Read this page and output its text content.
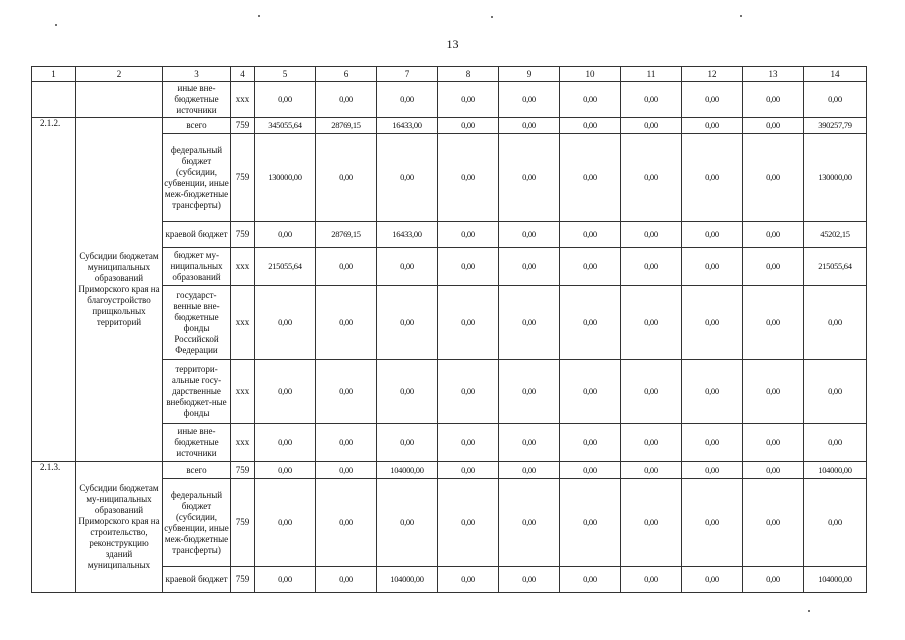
13
1	2	3	4	5	6	7	8	9	10	11	12	13	14
		иные вне-бюджетные источники	xxx	0,00	0,00	0,00	0,00	0,00	0,00	0,00	0,00	0,00	0,00
2.1.2.	Субсидии бюджетам муниципальных образований Приморского края на благоустройство прищкольных территорий	всего	759	345055,64	28769,15	16433,00	0,00	0,00	0,00	0,00	0,00	0,00	390257,79
		федеральный бюджет (субсидии, субвенции, иные меж-бюджетные трансферты)	759	130000,00	0,00	0,00	0,00	0,00	0,00	0,00	0,00	0,00	130000,00
		краевой бюджет	759	0,00	28769,15	16433,00	0,00	0,00	0,00	0,00	0,00	0,00	45202,15
		бюджет му-ниципальных образований	xxx	215055,64	0,00	0,00	0,00	0,00	0,00	0,00	0,00	0,00	215055,64
		государст-венные вне-бюджетные фонды Российской Федерации	xxx	0,00	0,00	0,00	0,00	0,00	0,00	0,00	0,00	0,00	0,00
		территори-альные госу-дарственные внебюджет-ные фонды	xxx	0,00	0,00	0,00	0,00	0,00	0,00	0,00	0,00	0,00	0,00
		иные вне-бюджетные источники	xxx	0,00	0,00	0,00	0,00	0,00	0,00	0,00	0,00	0,00	0,00
2.1.3.	Субсидии бюджетам му-ниципальных образований Приморского края на строительство, реконструкцию зданий муниципальных	всего	759	0,00	0,00	104000,00	0,00	0,00	0,00	0,00	0,00	0,00	104000,00
		федеральный бюджет (субсидии, субвенции, иные меж-бюджетные трансферты)	759	0,00	0,00	0,00	0,00	0,00	0,00	0,00	0,00	0,00	0,00
		краевой бюджет	759	0,00	0,00	104000,00	0,00	0,00	0,00	0,00	0,00	0,00	104000,00
